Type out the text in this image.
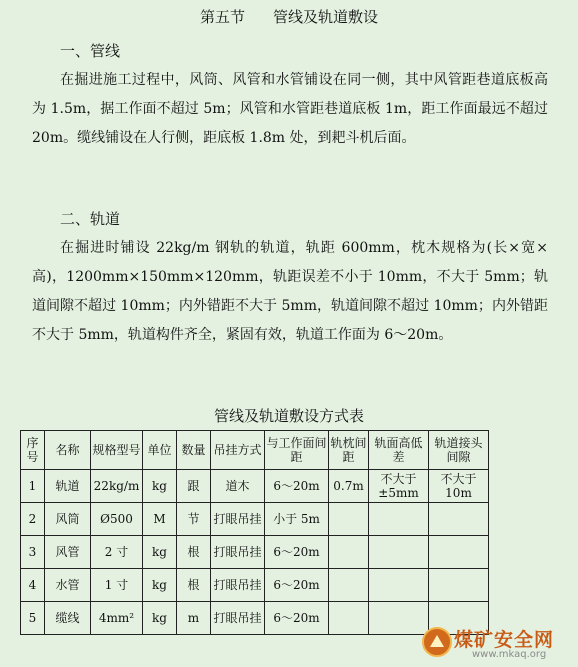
第五节 管线及轨道敷设
一、管线
在掘进施工过程中，风筒、风管和水管铺设在同一侧，其中风管距巷道底板高为 1.5m，据工作面不超过 5m；风管和水管距巷道底板 1m，距工作面最远不超过 20m。缆线铺设在人行侧，距底板 1.8m 处，到耙斗机后面。
二、轨道
在掘进时铺设 22kg/m 钢轨的轨道，轨距 600mm，枕木规格为(长×宽×高)，1200mm×150mm×120mm，轨距误差不小于 10mm，不大于 5mm；轨道间隙不超过 10mm；内外错距不大于 5mm，轨道间隙不超过 10mm；内外错距不大于 5mm，轨道构件齐全，紧固有效，轨道工作面为 6～20m。
管线及轨道敷设方式表
序号	名称	规格型号	单位	数量	吊挂方式	与工作面间距	轨枕间距	轨面高低差	轨道接头间隙
1	轨道	22kg/m	kg	跟	道木	6～20m	0.7m	不大于±5mm	不大于10m
2	风筒	Ø500	M	节	打眼吊挂	小于 5m			
3	风管	2 寸	kg	根	打眼吊挂	6～20m			
4	水管	1 寸	kg	根	打眼吊挂	6～20m			
5	缆线	4mm²	kg	m	打眼吊挂	6～20m			
煤矿安全网
www.mkaq.org
